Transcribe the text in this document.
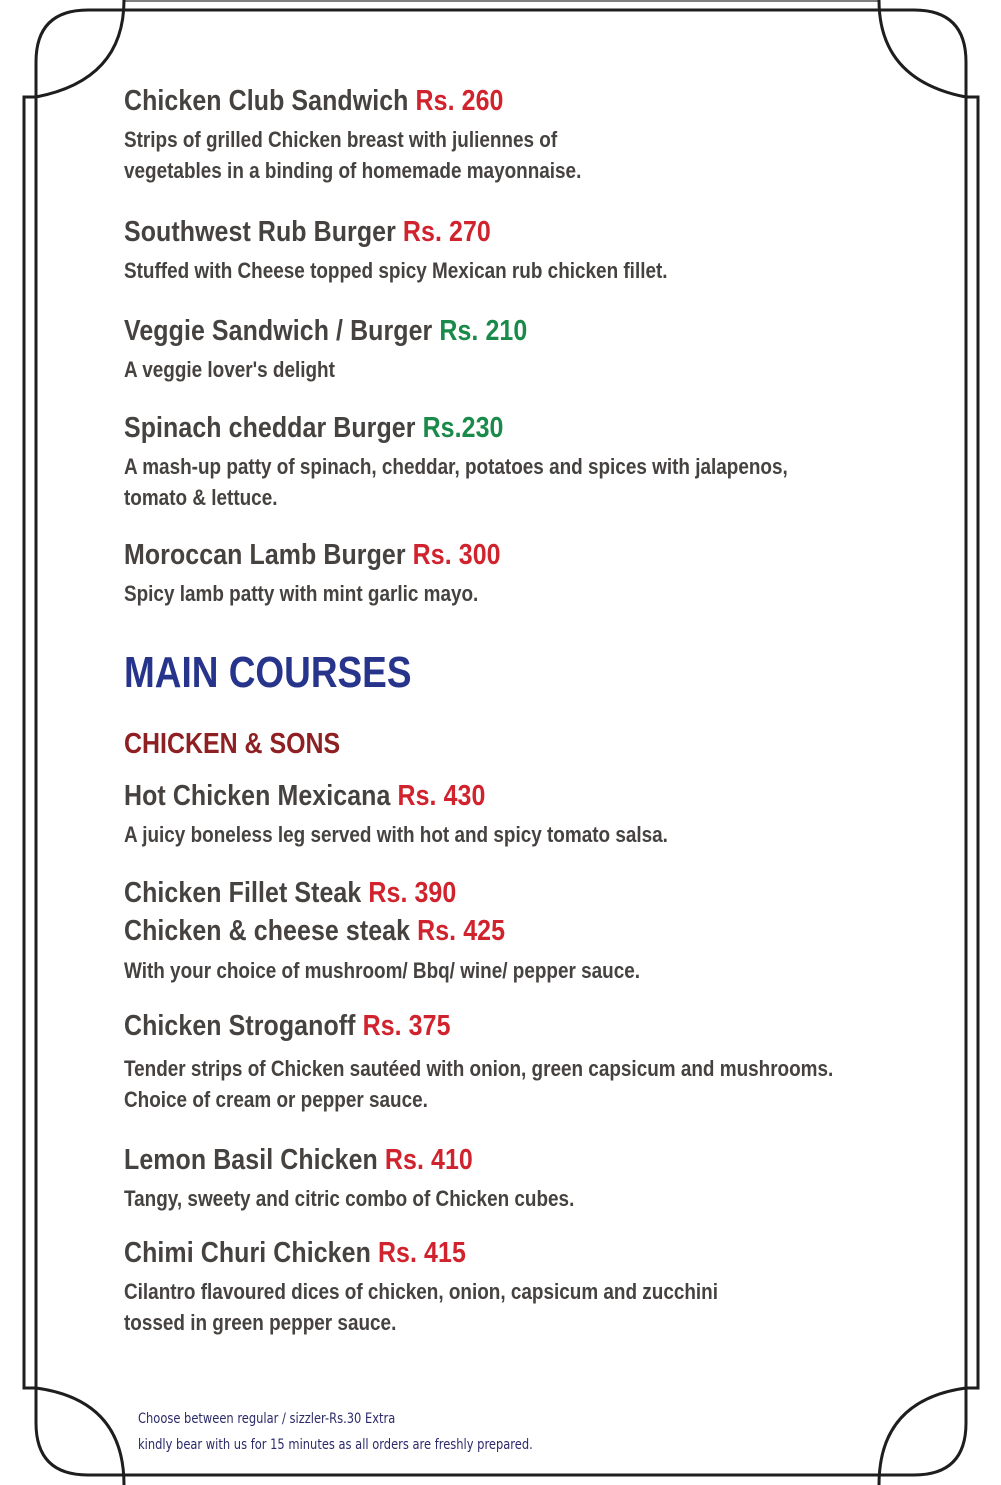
Chicken Club Sandwich Rs. 260
Strips of grilled Chicken breast with juliennes of
vegetables in a binding of homemade mayonnaise.
Southwest Rub Burger Rs. 270
Stuffed with Cheese topped spicy Mexican rub chicken fillet.
Veggie Sandwich / Burger Rs. 210
A veggie lover's delight
Spinach cheddar Burger Rs.230
A mash-up patty of spinach, cheddar, potatoes and spices with jalapenos,
tomato & lettuce.
Moroccan Lamb Burger Rs. 300
Spicy lamb patty with mint garlic mayo.
MAIN COURSES
CHICKEN & SONS
Hot Chicken Mexicana Rs. 430
A juicy boneless leg served with hot and spicy tomato salsa.
Chicken Fillet Steak Rs. 390
Chicken & cheese steak Rs. 425
With your choice of mushroom/ Bbq/ wine/ pepper sauce.
Chicken Stroganoff Rs. 375
Tender strips of Chicken sautéed with onion, green capsicum and mushrooms.
Choice of cream or pepper sauce.
Lemon Basil Chicken Rs. 410
Tangy, sweety and citric combo of Chicken cubes.
Chimi Churi Chicken Rs. 415
Cilantro flavoured dices of chicken, onion, capsicum and zucchini
tossed in green pepper sauce.
Choose between regular / sizzler-Rs.30 Extra
kindly bear with us for 15 minutes as all orders are freshly prepared.
